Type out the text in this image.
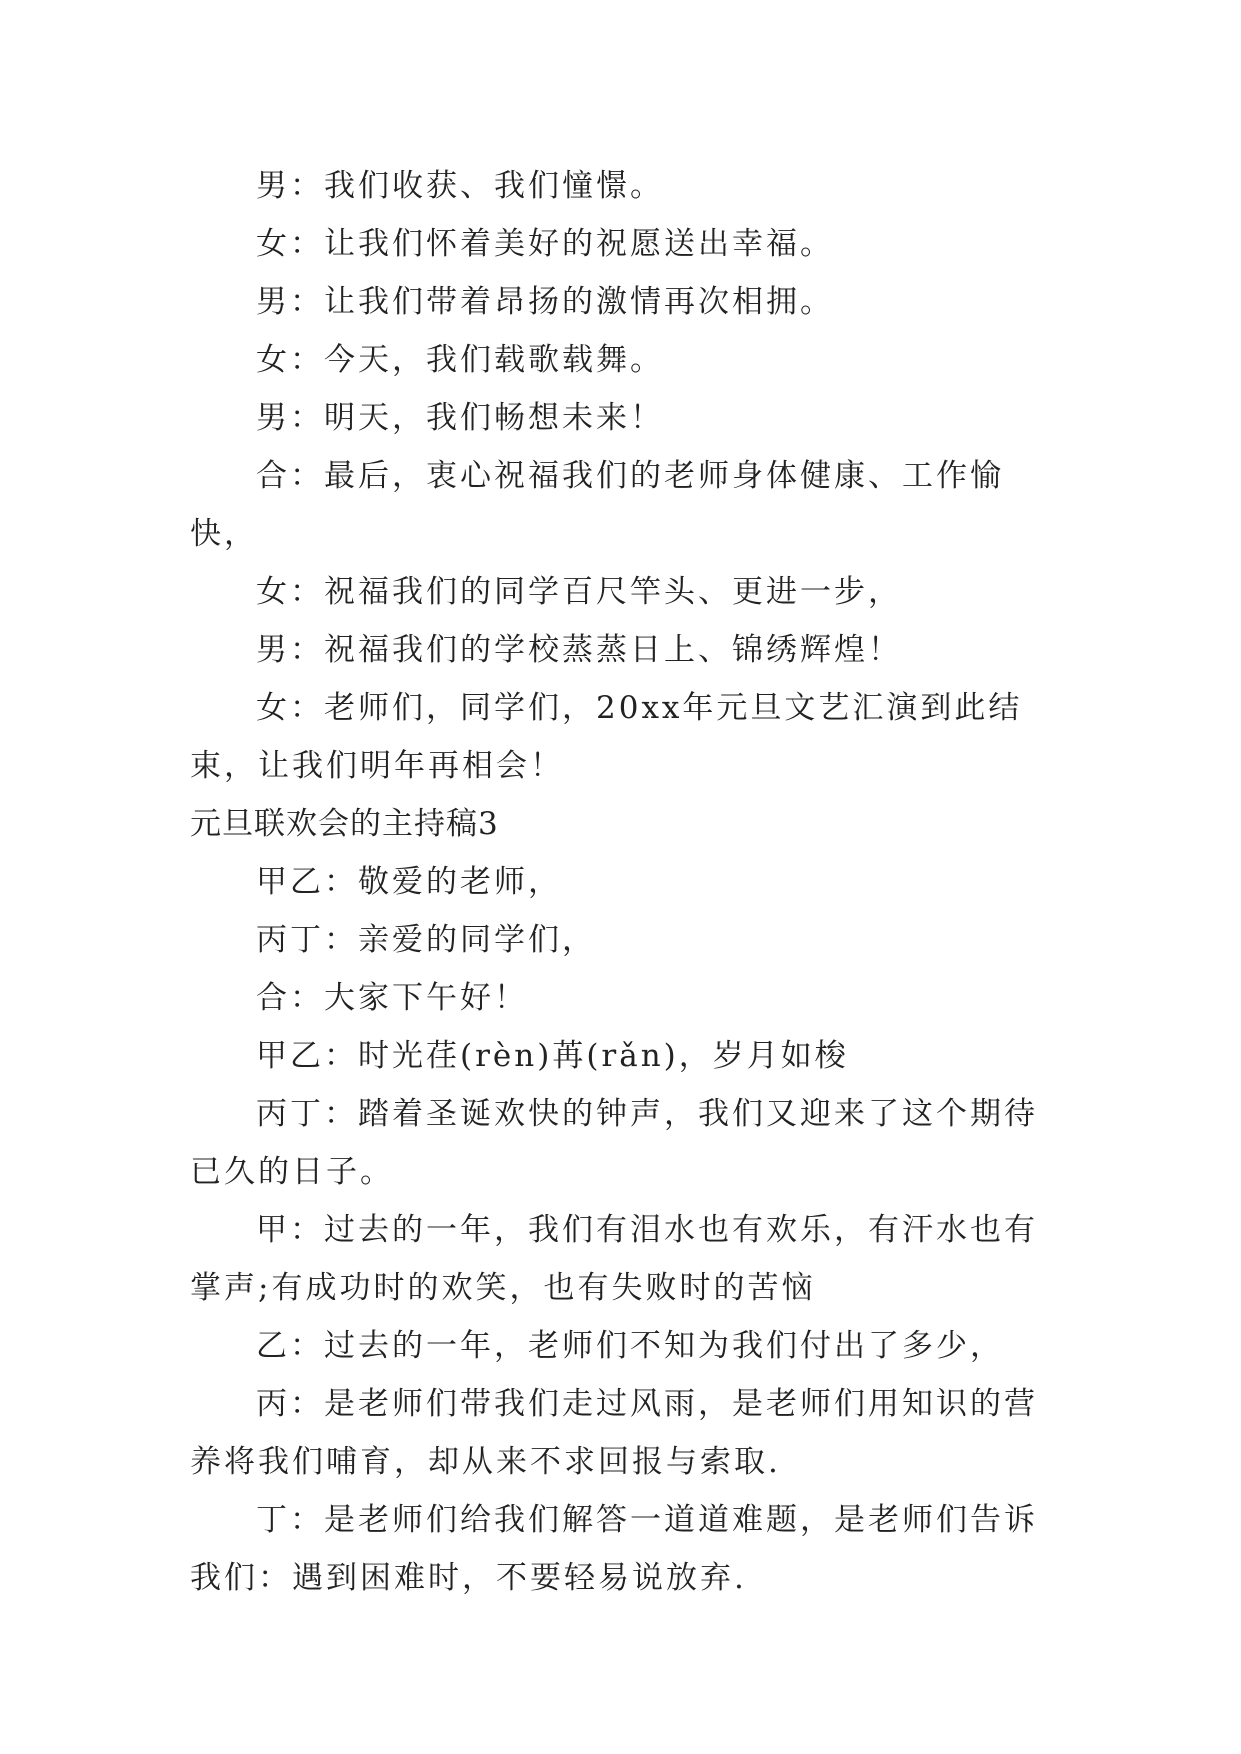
男：我们收获、我们憧憬。

女：让我们怀着美好的祝愿送出幸福。

男：让我们带着昂扬的激情再次相拥。

女：今天，我们载歌载舞。

男：明天，我们畅想未来！

合：最后，衷心祝福我们的老师身体健康、工作愉快，

女：祝福我们的同学百尺竿头、更进一步，

男：祝福我们的学校蒸蒸日上、锦绣辉煌！

女：老师们，同学们，20xx年元旦文艺汇演到此结束，让我们明年再相会！

元旦联欢会的主持稿3

甲乙：敬爱的老师，

丙丁：亲爱的同学们，

合：大家下午好！

甲乙：时光荏(rèn)苒(rǎn)，岁月如梭

丙丁：踏着圣诞欢快的钟声，我们又迎来了这个期待已久的日子。

甲：过去的一年，我们有泪水也有欢乐，有汗水也有掌声;有成功时的欢笑，也有失败时的苦恼

乙：过去的一年，老师们不知为我们付出了多少，

丙：是老师们带我们走过风雨，是老师们用知识的营养将我们哺育，却从来不求回报与索取.

丁：是老师们给我们解答一道道难题，是老师们告诉我们：遇到困难时，不要轻易说放弃.
